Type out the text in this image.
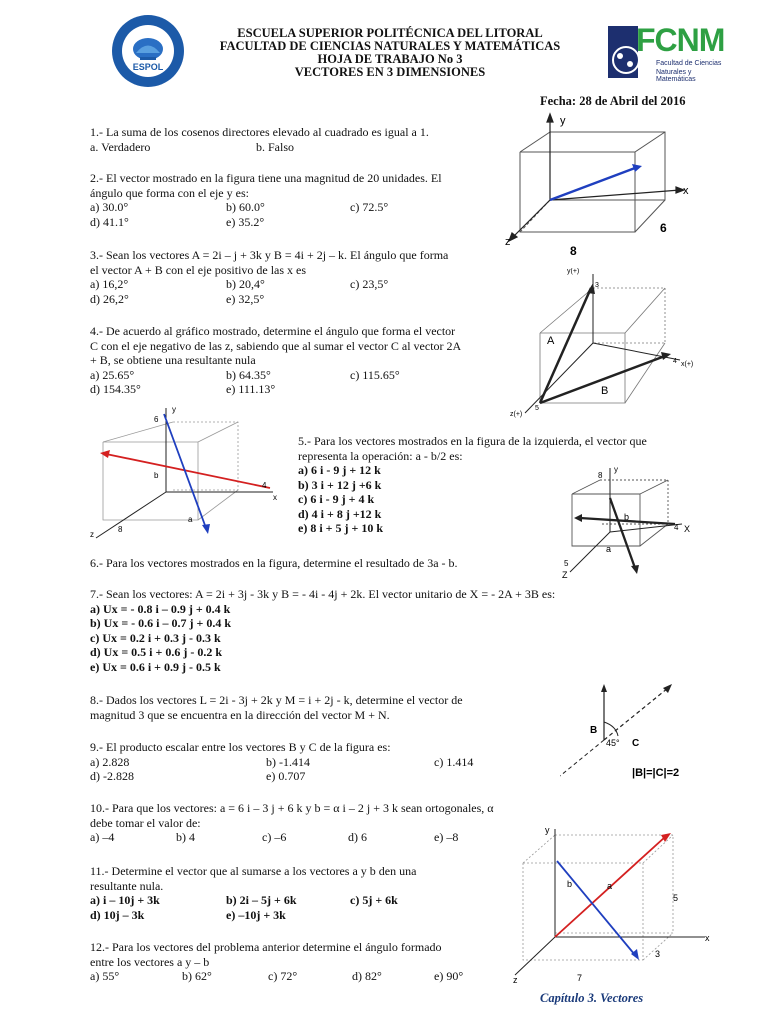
ESPOL
ESCUELA SUPERIOR POLITÉCNICA DEL LITORAL
FACULTAD DE CIENCIAS NATURALES Y MATEMÁTICAS
HOJA DE TRABAJO No 3
VECTORES EN 3 DIMENSIONES
FCNM
Facultad de Ciencias
Naturales y Matemáticas
Fecha: 28 de Abril del 2016

1.- La suma de los cosenos directores elevado al cuadrado es igual a 1.

a. Verdadero	b. Falso

2.- El vector mostrado en la figura tiene una magnitud de 20 unidades. El

ángulo que forma con el eje y es:

a) 30.0°	b) 60.0°	c) 72.5°
d) 41.1°	e) 35.2°

3.- Sean los vectores A = 2i – j + 3k y B = 4i + 2j – k. El ángulo que forma

el vector A + B con el eje positivo de las x es

a) 16,2°	b) 20,4°	c) 23,5°
d) 26,2°	e) 32,5°

4.- De acuerdo al gráfico mostrado, determine el ángulo que forma el vector

C con el eje negativo de las z, sabiendo que al sumar el vector C al vector 2A

+ B, se obtiene una resultante nula

a) 25.65°	b) 64.35°	c) 115.65°
d) 154.35°	e) 111.13°

5.- Para los vectores mostrados en la figura de la izquierda, el vector que

representa la operación: a - b/2 es:

a) 6 i - 9 j + 12 k

b) 3 i + 12 j +6 k

c) 6 i - 9 j + 4 k

d) 4 i + 8 j +12 k

e) 8 i + 5 j + 10 k

6.- Para los vectores mostrados en la figura, determine el resultado de 3a - b.

7.- Sean los vectores: A = 2i + 3j - 3k y B = - 4i - 4j + 2k. El vector unitario de X = - 2A + 3B es:

a) Ux = - 0.8 i – 0.9 j + 0.4 k

b) Ux = - 0.6 i – 0.7 j + 0.4 k

c) Ux = 0.2 i + 0.3 j - 0.3 k

d) Ux = 0.5 i + 0.6 j - 0.2 k

e) Ux = 0.6 i + 0.9 j - 0.5 k

8.- Dados los vectores L = 2i - 3j + 2k y M = i + 2j - k, determine el vector de

magnitud 3 que se encuentra en la dirección del vector M + N.

9.- El producto escalar entre los vectores B y C de la figura es:

a) 2.828	b) -1.414	c) 1.414
d) -2.828	e) 0.707

10.- Para que los vectores: a = 6 i – 3 j + 6 k y b = α i – 2 j + 3 k sean ortogonales, α

debe tomar el valor de:

a) –4	b) 4	c) –6	d) 6	e) –8

11.- Determine el vector que al sumarse a los vectores a y b den una

resultante nula.

a) i – 10j + 3k	b) 2i – 5j + 6k	c) 5j + 6k
d) 10j – 3k	e) –10j + 3k

12.- Para los vectores del problema anterior determine el ángulo formado

entre los vectores a y – b

a) 55°	b) 62°	c) 72°	d) 82°	e) 90°
y
x
z
8
6
y(+)
x(+)
z(+)
A
B
3
4
5
6
y
b
4
x
z
8
a
8
y
b
4 X
a
5
Z
B
45° C
|B|=|C|=2
y
b	a
5
x
3
z	7
Capítulo 3. Vectores
